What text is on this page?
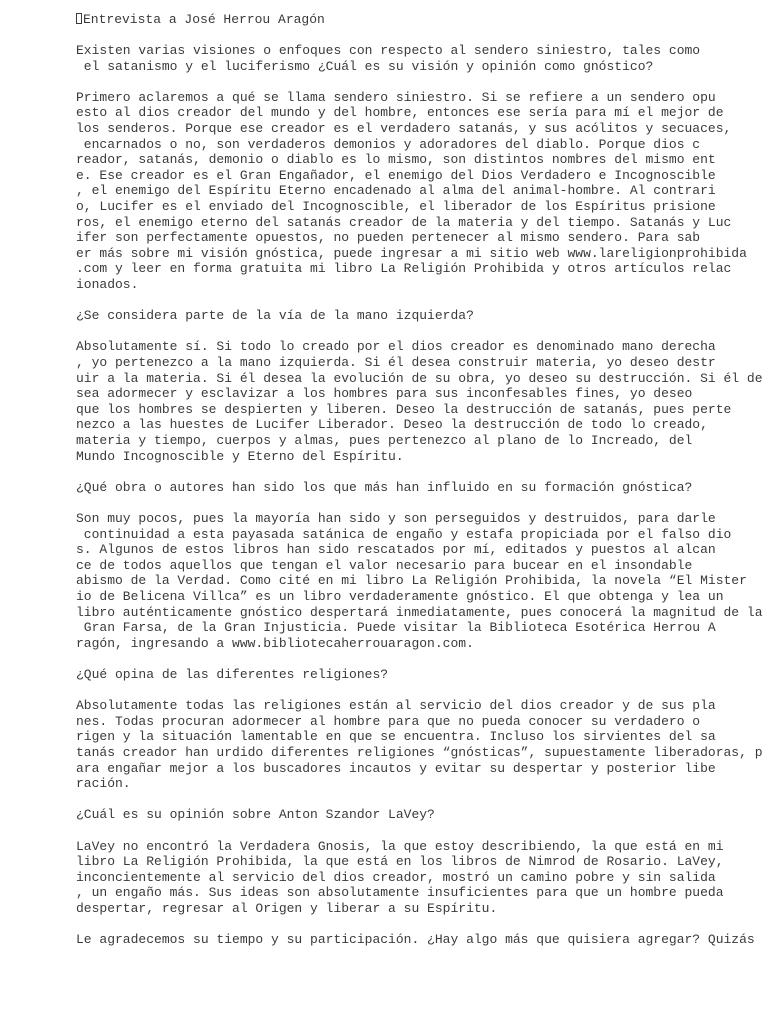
Entrevista a José Herrou Aragón

Existen varias visiones o enfoques con respecto al sendero siniestro, tales como

el satanismo y el luciferismo ¿Cuál es su visión y opinión como gnóstico?

Primero aclaremos a qué se llama sendero siniestro. Si se refiere a un sendero opu

esto al dios creador del mundo y del hombre, entonces ese sería para mí el mejor de

los senderos. Porque ese creador es el verdadero satanás, y sus acólitos y secuaces,

encarnados o no, son verdaderos demonios y adoradores del diablo. Porque dios c

reador, satanás, demonio o diablo es lo mismo, son distintos nombres del mismo ent

e. Ese creador es el Gran Engañador, el enemigo del Dios Verdadero e Incognoscible

, el enemigo del Espíritu Eterno encadenado al alma del animal-hombre. Al contrari

o, Lucifer es el enviado del Incognoscible, el liberador de los Espíritus prisione

ros, el enemigo eterno del satanás creador de la materia y del tiempo. Satanás y Luc

ifer son perfectamente opuestos, no pueden pertenecer al mismo sendero. Para sab

er más sobre mi visión gnóstica, puede ingresar a mi sitio web www.lareligionprohibida

.com y leer en forma gratuita mi libro La Religión Prohibida y otros artículos relac

ionados.

¿Se considera parte de la vía de la mano izquierda?

Absolutamente sí. Si todo lo creado por el dios creador es denominado mano derecha

, yo pertenezco a la mano izquierda. Si él desea construir materia, yo deseo destr

uir a la materia. Si él desea la evolución de su obra, yo deseo su destrucción. Si él de

sea adormecer y esclavizar a los hombres para sus inconfesables fines, yo deseo

que los hombres se despierten y liberen. Deseo la destrucción de satanás, pues perte

nezco a las huestes de Lucifer Liberador. Deseo la destrucción de todo lo creado,

materia y tiempo, cuerpos y almas, pues pertenezco al plano de lo Increado, del

Mundo Incognoscible y Eterno del Espíritu.

¿Qué obra o autores han sido los que más han influido en su formación gnóstica?

Son muy pocos, pues la mayoría han sido y son perseguidos y destruidos, para darle

continuidad a esta payasada satánica de engaño y estafa propiciada por el falso dio

s. Algunos de estos libros han sido rescatados por mí, editados y puestos al alcan

ce de todos aquellos que tengan el valor necesario para bucear en el insondable

abismo de la Verdad. Como cité en mi libro La Religión Prohibida, la novela “El Mister

io de Belicena Villca” es un libro verdaderamente gnóstico. El que obtenga y lea un

libro auténticamente gnóstico despertará inmediatamente, pues conocerá la magnitud de la

Gran Farsa, de la Gran Injusticia. Puede visitar la Biblioteca Esotérica Herrou A

ragón, ingresando a www.bibliotecaherrouaragon.com.

¿Qué opina de las diferentes religiones?

Absolutamente todas las religiones están al servicio del dios creador y de sus pla

nes. Todas procuran adormecer al hombre para que no pueda conocer su verdadero o

rigen y la situación lamentable en que se encuentra. Incluso los sirvientes del sa

tanás creador han urdido diferentes religiones “gnósticas”, supuestamente liberadoras, p

ara engañar mejor a los buscadores incautos y evitar su despertar y posterior libe

ración.

¿Cuál es su opinión sobre Anton Szandor LaVey?

LaVey no encontró la Verdadera Gnosis, la que estoy describiendo, la que está en mi

libro La Religión Prohibida, la que está en los libros de Nimrod de Rosario. LaVey,

inconcientemente al servicio del dios creador, mostró un camino pobre y sin salida

, un engaño más. Sus ideas son absolutamente insuficientes para que un hombre pueda

despertar, regresar al Origen y liberar a su Espíritu.

Le agradecemos su tiempo y su participación. ¿Hay algo más que quisiera agregar? Quizás
